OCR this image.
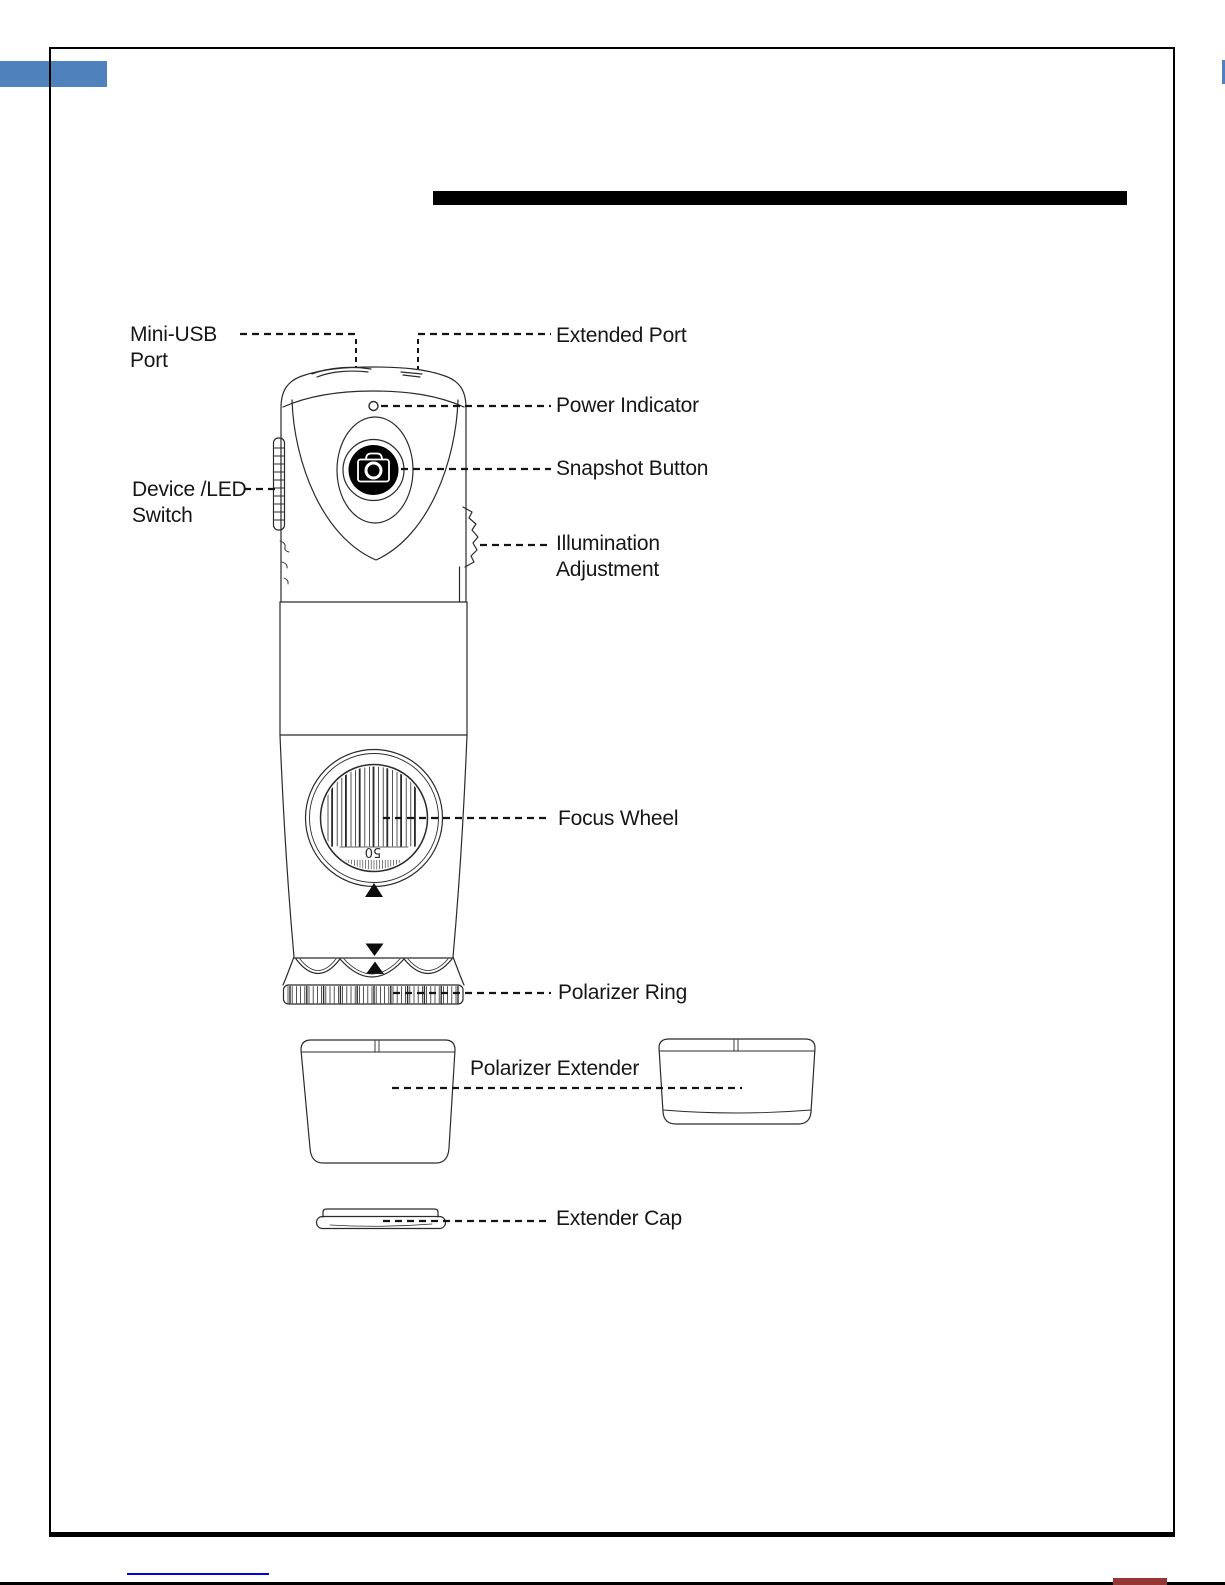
50
Mini-USB
Port
Extended Port
Power Indicator
Snapshot Button
Device /LED
Switch
Illumination
Adjustment
Focus Wheel
Polarizer Ring
Polarizer Extender
Extender Cap
